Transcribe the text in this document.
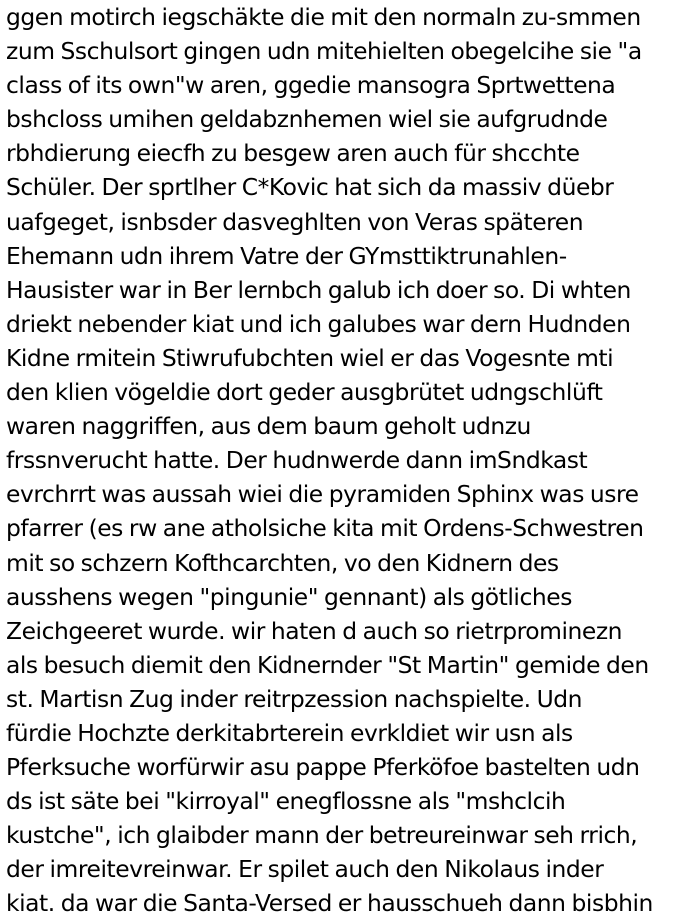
ggen motirch iegschäkte die mit den normaln zu-smmen
zum Sschulsort gingen udn mitehielten obegelcihe sie "a
class of its own"w aren, ggedie mansogra Sprtwettena
bshcloss umihen geldabznhemen wiel sie aufgrudnde
rbhdierung eiecfh zu besgew aren auch für shcchte
Schüler. Der sprtlher C*Kovic hat sich da massiv düebr
uafgeget, isnbsder dasveghlten von Veras späteren
Ehemann udn ihrem Vatre der GYmsttiktrunahlen-
Hausister war in Ber lernbch galub ich doer so. Di whten
driekt nebender kiat und ich galubes war dern Hudnden
Kidne rmitein Stiwrufubchten wiel er das Vogesnte mti
den klien vögeldie dort geder ausgbrütet udngschlüft
waren naggriffen, aus dem baum geholt udnzu
frssnverucht hatte. Der hudnwerde dann imSndkast
evrchrrt was aussah wiei die pyramiden Sphinx was usre
pfarrer (es rw ane atholsiche kita mit Ordens-Schwestren
mit so schzern Kofthcarchten, vo den Kidnern des
ausshens wegen "pingunie" gennant) als götliches
Zeichgeeret wurde. wir haten d auch so rietrprominezn
als besuch diemit den Kidnernder "St Martin" gemide den
st. Martisn Zug inder reitrpzession nachspielte. Udn
fürdie Hochzte derkitabrterein evrkldiet wir usn als
Pferksuche worfürwir asu pappe Pferköfoe bastelten udn
ds ist säte bei "kirroyal" enegflossne als "mshclcih
kustche", ich glaibder mann der betreureinwar seh rrich,
der imreitevreinwar. Er spilet auch den Nikolaus inder
kiat. da war die Santa-Versed er hausschueh dann bisbhin
